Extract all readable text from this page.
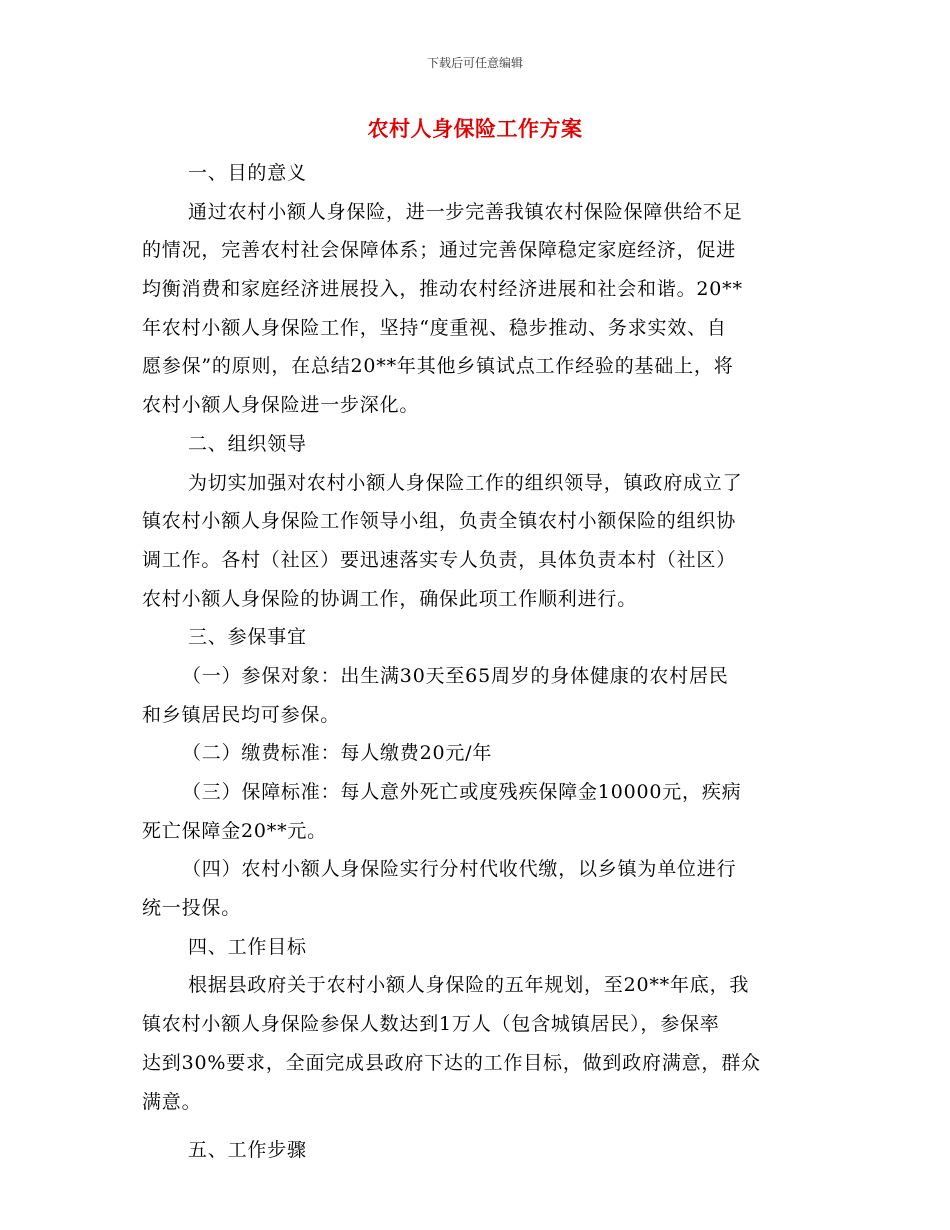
下载后可任意编辑
农村人身保险工作方案
一、目的意义
通过农村小额人身保险，进一步完善我镇农村保险保障供给不足
的情况，完善农村社会保障体系；通过完善保障稳定家庭经济，促进
均衡消费和家庭经济进展投入，推动农村经济进展和社会和谐。20**
年农村小额人身保险工作，坚持“度重视、稳步推动、务求实效、自
愿参保”的原则，在总结20**年其他乡镇试点工作经验的基础上，将
农村小额人身保险进一步深化。
二、组织领导
为切实加强对农村小额人身保险工作的组织领导，镇政府成立了
镇农村小额人身保险工作领导小组，负责全镇农村小额保险的组织协
调工作。各村（社区）要迅速落实专人负责，具体负责本村（社区）
农村小额人身保险的协调工作，确保此项工作顺利进行。
三、参保事宜
（一）参保对象：出生满30天至65周岁的身体健康的农村居民
和乡镇居民均可参保。
（二）缴费标准：每人缴费20元/年
（三）保障标准：每人意外死亡或度残疾保障金10000元，疾病
死亡保障金20**元。
（四）农村小额人身保险实行分村代收代缴，以乡镇为单位进行
统一投保。
四、工作目标
根据县政府关于农村小额人身保险的五年规划，至20**年底，我
镇农村小额人身保险参保人数达到1万人（包含城镇居民），参保率
达到30%要求，全面完成县政府下达的工作目标，做到政府满意，群众
满意。
五、工作步骤
